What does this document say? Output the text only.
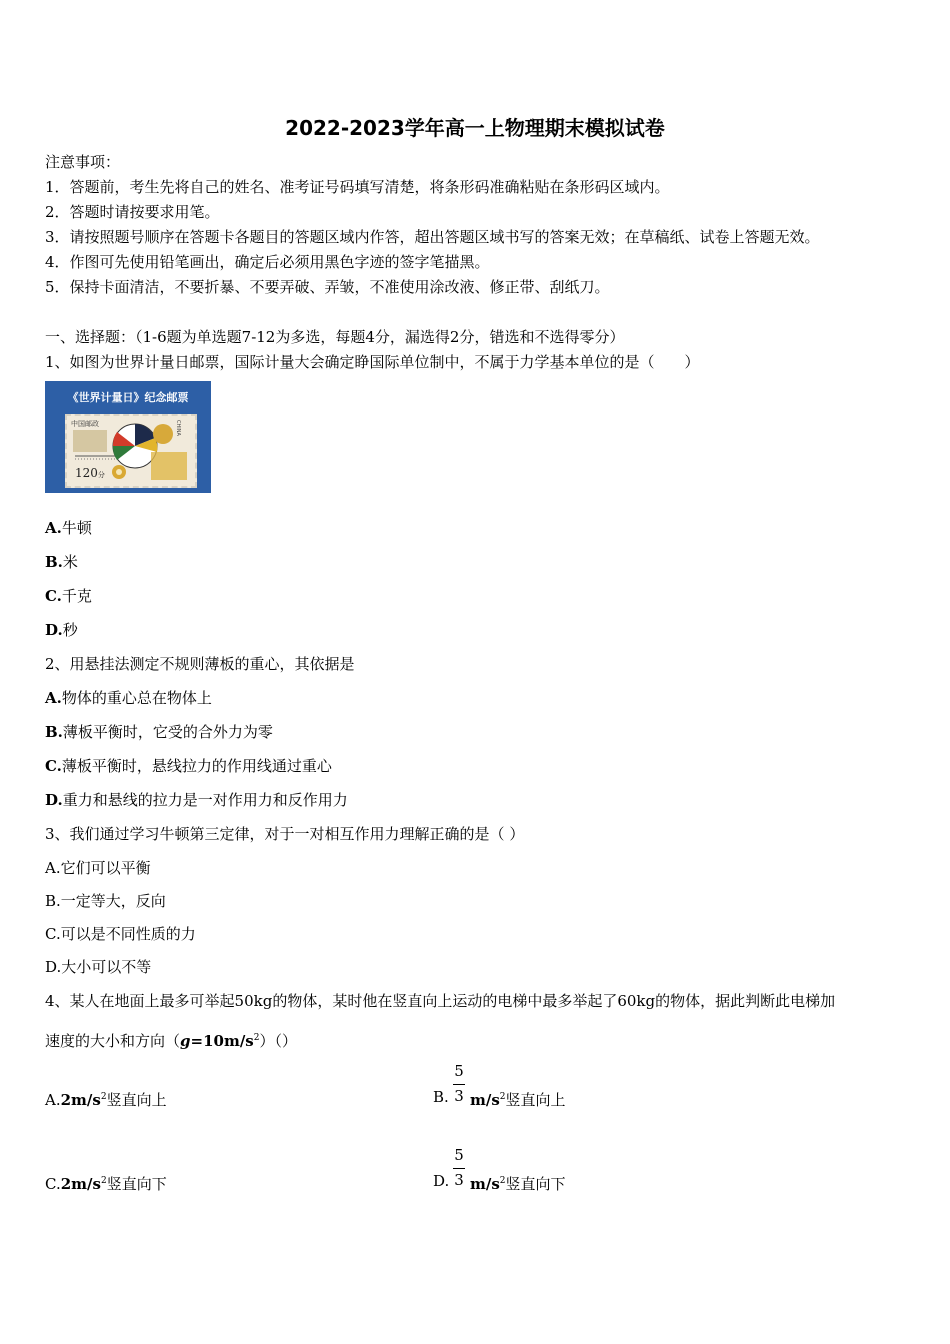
2022-2023学年高一上物理期末模拟试卷
注意事项：
1．答题前，考生先将自己的姓名、准考证号码填写清楚，将条形码准确粘贴在条形码区域内。
2．答题时请按要求用笔。
3．请按照题号顺序在答题卡各题目的答题区域内作答，超出答题区域书写的答案无效；在草稿纸、试卷上答题无效。
4．作图可先使用铅笔画出，确定后必须用黑色字迹的签字笔描黑。
5．保持卡面清洁，不要折暴、不要弄破、弄皱，不准使用涂改液、修正带、刮纸刀。
一、选择题：（1-6题为单选题7-12为多选，每题4分，漏选得2分，错选和不选得零分）
1、如图为世界计量日邮票，国际计量大会确定睁国际单位制中，不属于力学基本单位的是（　　）
《世界计量日》纪念邮票
中国邮政
120分
CHINA
A.牛顿
B.米
C.千克
D.秒
2、用悬挂法测定不规则薄板的重心，其依据是
A.物体的重心总在物体上
B.薄板平衡时，它受的合外力为零
C.薄板平衡时，悬线拉力的作用线通过重心
D.重力和悬线的拉力是一对作用力和反作用力
3、我们通过学习牛顿第三定律，对于一对相互作用力理解正确的是（ ）
A.它们可以平衡
B.一定等大，反向
C.可以是不同性质的力
D.大小可以不等
4、某人在地面上最多可举起50kg的物体，某时他在竖直向上运动的电梯中最多举起了60kg的物体，据此判断此电梯加
速度的大小和方向$(g=10m/s^2)()$
$A.2m/s^2$竖直向上	B.
5
3 $m/s^2$竖直向上
$C.2m/s^2$竖直向下	D.
5
3 $m/s^2$竖直向下
